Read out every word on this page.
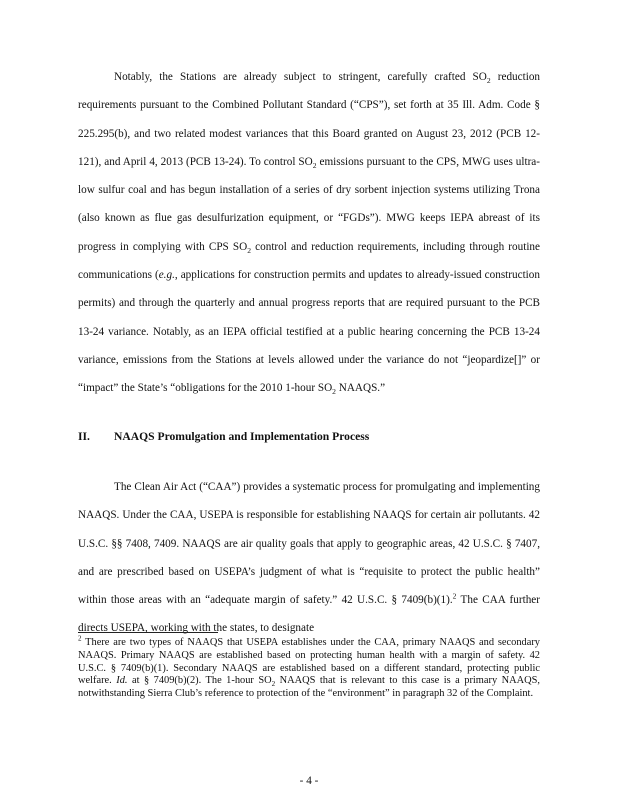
Notably, the Stations are already subject to stringent, carefully crafted $SO_2$ reduction requirements pursuant to the Combined Pollutant Standard (“CPS”), set forth at 35 Ill. Adm. Code § 225.295(b), and two related modest variances that this Board granted on August 23, 2012 (PCB 12-121), and April 4, 2013 (PCB 13-24). To control $SO_2$ emissions pursuant to the CPS, MWG uses ultra-low sulfur coal and has begun installation of a series of dry sorbent injection systems utilizing Trona (also known as flue gas desulfurization equipment, or “FGDs”). MWG keeps IEPA abreast of its progress in complying with CPS $SO_2$ control and reduction requirements, including through routine communications (e.g., applications for construction permits and updates to already-issued construction permits) and through the quarterly and annual progress reports that are required pursuant to the PCB 13-24 variance. Notably, as an IEPA official testified at a public hearing concerning the PCB 13-24 variance, emissions from the Stations at levels allowed under the variance do not “jeopardize[]” or “impact” the State’s “obligations for the 2010 1-hour $SO_2$ NAAQS.”

II. NAAQS Promulgation and Implementation Process

The Clean Air Act (“CAA”) provides a systematic process for promulgating and implementing NAAQS. Under the CAA, USEPA is responsible for establishing NAAQS for certain air pollutants. 42 U.S.C. §§ 7408, 7409. NAAQS are air quality goals that apply to geographic areas, 42 U.S.C. § 7407, and are prescribed based on USEPA’s judgment of what is “requisite to protect the public health” within those areas with an “adequate margin of safety.” 42 U.S.C. § 7409(b)(1).$^2$ The CAA further directs USEPA, working with the states, to designate

$^2$ There are two types of NAAQS that USEPA establishes under the CAA, primary NAAQS and secondary NAAQS. Primary NAAQS are established based on protecting human health with a margin of safety. 42 U.S.C. § 7409(b)(1). Secondary NAAQS are established based on a different standard, protecting public welfare. Id. at § 7409(b)(2). The 1-hour $SO_2$ NAAQS that is relevant to this case is a primary NAAQS, notwithstanding Sierra Club’s reference to protection of the “environment” in paragraph 32 of the Complaint.

- 4 -
